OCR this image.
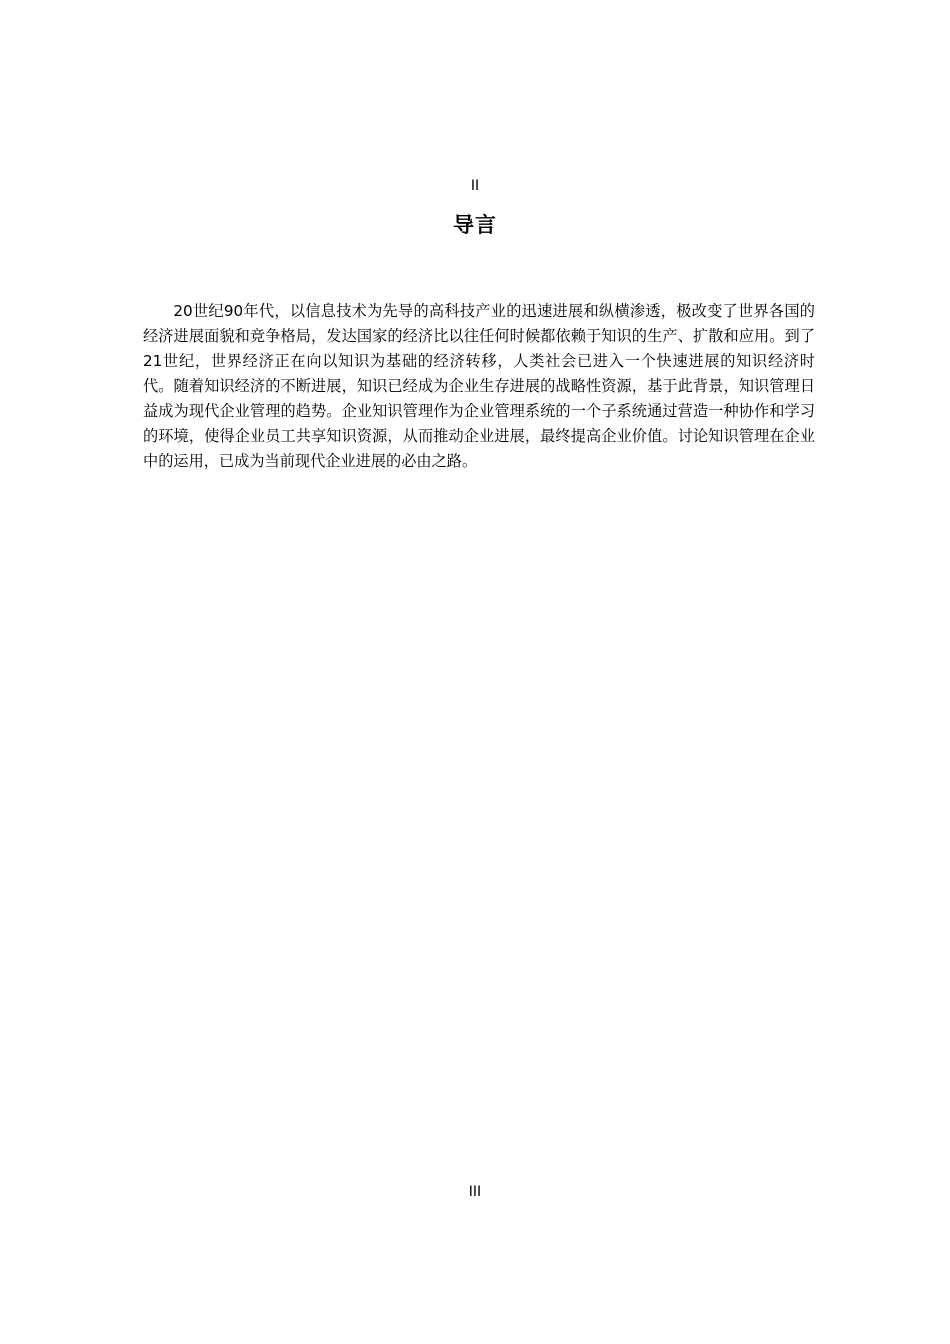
II
导言

20世纪90年代，以信息技术为先导的高科技产业的迅速进展和纵横渗透，极改变了世界各国的经济进展面貌和竞争格局，发达国家的经济比以往任何时候都依赖于知识的生产、扩散和应用。到了21世纪，世界经济正在向以知识为基础的经济转移，人类社会已进入一个快速进展的知识经济时代。随着知识经济的不断进展，知识已经成为企业生存进展的战略性资源，基于此背景，知识管理日益成为现代企业管理的趋势。企业知识管理作为企业管理系统的一个子系统通过营造一种协作和学习的环境，使得企业员工共享知识资源，从而推动企业进展，最终提高企业价值。讨论知识管理在企业中的运用，已成为当前现代企业进展的必由之路。

III
